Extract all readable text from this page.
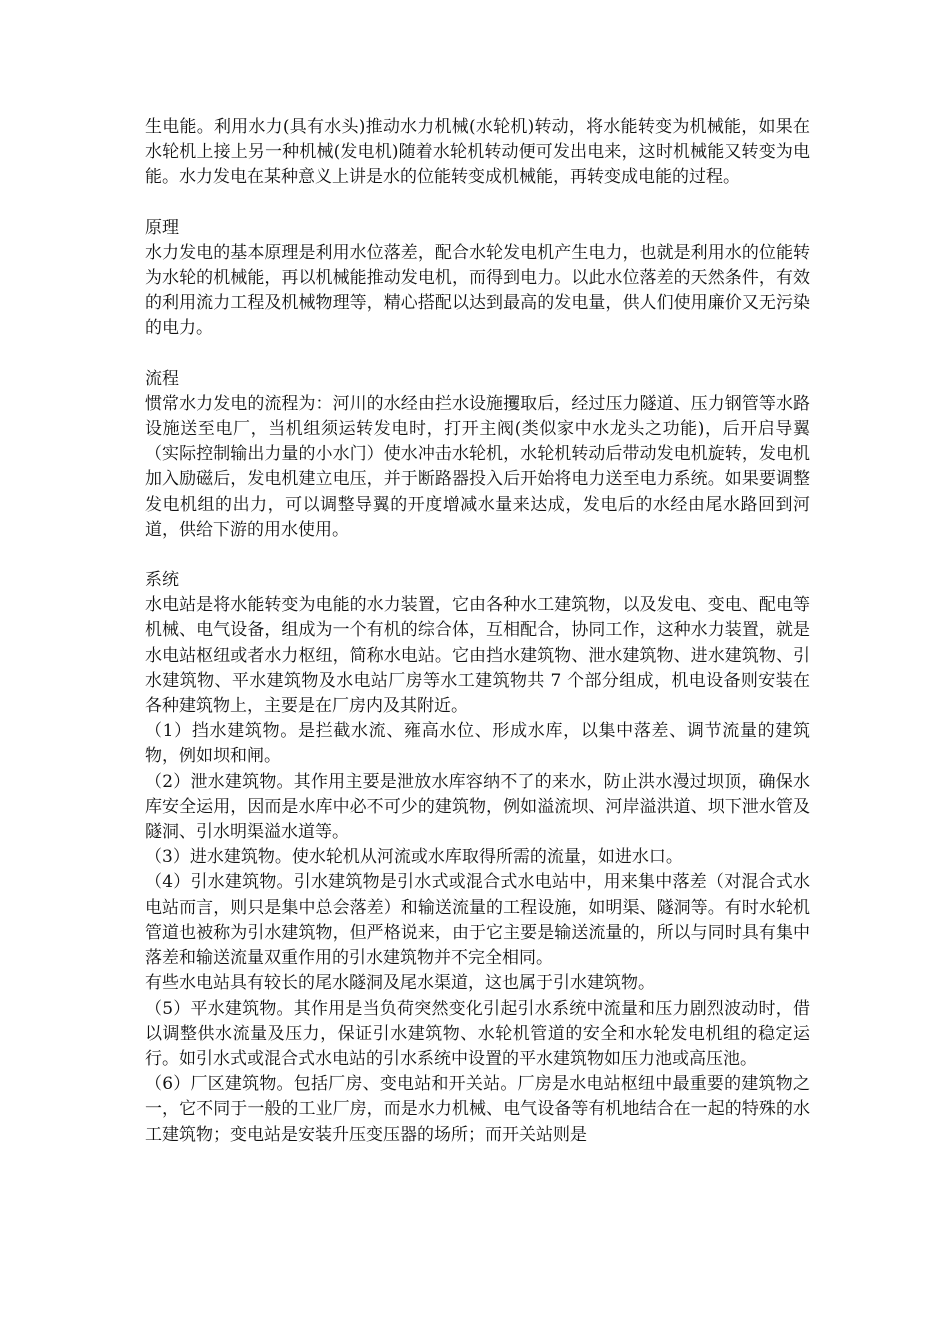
生电能。利用水力(具有水头)推动水力机械(水轮机)转动，将水能转变为机械能，如果在水轮机上接上另一种机械(发电机)随着水轮机转动便可发出电来，这时机械能又转变为电能。水力发电在某种意义上讲是水的位能转变成机械能，再转变成电能的过程。

原理

水力发电的基本原理是利用水位落差，配合水轮发电机产生电力，也就是利用水的位能转为水轮的机械能，再以机械能推动发电机，而得到电力。以此水位落差的天然条件，有效的利用流力工程及机械物理等，精心搭配以达到最高的发电量，供人们使用廉价又无污染的电力。

流程

惯常水力发电的流程为：河川的水经由拦水设施攫取后，经过压力隧道、压力钢管等水路设施送至电厂，当机组须运转发电时，打开主阀(类似家中水龙头之功能)，后开启导翼（实际控制输出力量的小水门）使水冲击水轮机，水轮机转动后带动发电机旋转，发电机加入励磁后，发电机建立电压，并于断路器投入后开始将电力送至电力系统。如果要调整发电机组的出力，可以调整导翼的开度增减水量来达成，发电后的水经由尾水路回到河道，供给下游的用水使用。

系统

水电站是将水能转变为电能的水力装置，它由各种水工建筑物，以及发电、变电、配电等机械、电气设备，组成为一个有机的综合体，互相配合，协同工作，这种水力装置，就是水电站枢纽或者水力枢纽，简称水电站。它由挡水建筑物、泄水建筑物、进水建筑物、引水建筑物、平水建筑物及水电站厂房等水工建筑物共 7 个部分组成，机电设备则安装在各种建筑物上，主要是在厂房内及其附近。

（1）挡水建筑物。是拦截水流、雍高水位、形成水库，以集中落差、调节流量的建筑物，例如坝和闸。

（2）泄水建筑物。其作用主要是泄放水库容纳不了的来水，防止洪水漫过坝顶，确保水库安全运用，因而是水库中必不可少的建筑物，例如溢流坝、河岸溢洪道、坝下泄水管及隧洞、引水明渠溢水道等。

（3）进水建筑物。使水轮机从河流或水库取得所需的流量，如进水口。

（4）引水建筑物。引水建筑物是引水式或混合式水电站中，用来集中落差（对混合式水电站而言，则只是集中总会落差）和输送流量的工程设施，如明渠、隧洞等。有时水轮机管道也被称为引水建筑物，但严格说来，由于它主要是输送流量的，所以与同时具有集中落差和输送流量双重作用的引水建筑物并不完全相同。

有些水电站具有较长的尾水隧洞及尾水渠道，这也属于引水建筑物。

（5）平水建筑物。其作用是当负荷突然变化引起引水系统中流量和压力剧烈波动时，借以调整供水流量及压力，保证引水建筑物、水轮机管道的安全和水轮发电机组的稳定运行。如引水式或混合式水电站的引水系统中设置的平水建筑物如压力池或高压池。

（6）厂区建筑物。包括厂房、变电站和开关站。厂房是水电站枢纽中最重要的建筑物之一，它不同于一般的工业厂房，而是水力机械、电气设备等有机地结合在一起的特殊的水工建筑物；变电站是安装升压变压器的场所；而开关站则是
